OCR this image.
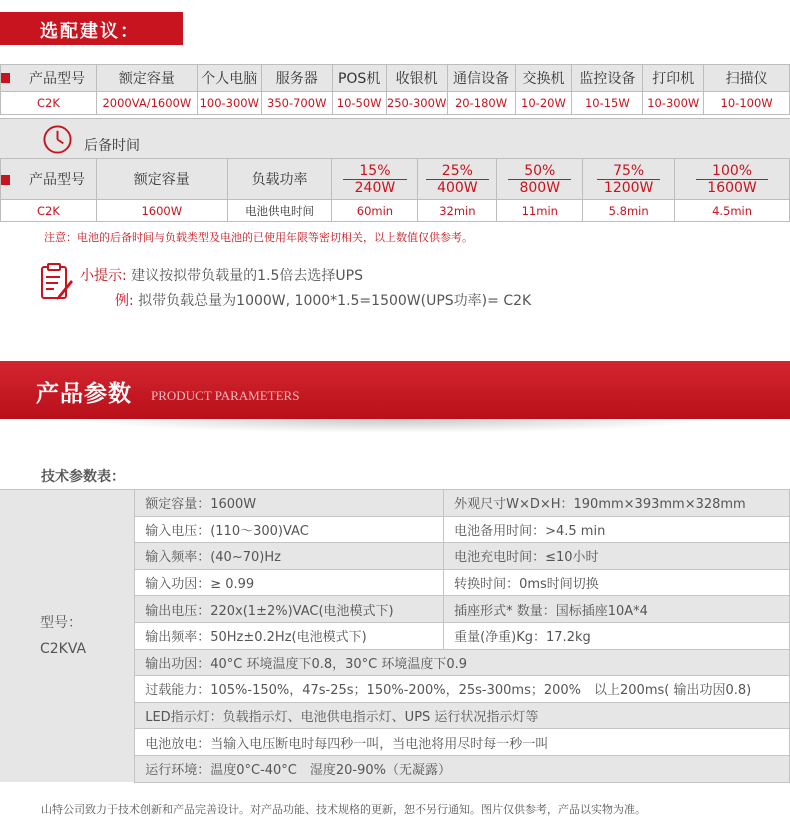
选配建议：
产品型号	额定容量	个人电脑	服务器	POS机	收银机	通信设备	交换机	监控设备	打印机	扫描仪
C2K	2000VA/1600W	100-300W	350-700W	10-50W	250-300W	20-180W	10-20W	10-15W	10-300W	10-100W
后备时间
产品型号	额定容量	负载功率	$\frac{15\%}{240W}$	$\frac{25\%}{400W}$	$\frac{50\%}{800W}$	$\frac{75\%}{1200W}$	$\frac{100\%}{1600W}$

C2K	1600W	电池供电时间	60min	32min	11min	5.8min	4.5min
注意：电池的后备时间与负载类型及电池的已使用年限等密切相关，以上数值仅供参考。
小提示: 建议按拟带负载量的1.5倍去选择UPS
例: 拟带负载总量为1000W, 1000*1.5=1500W(UPS功率)= C2K
产品参数 PRODUCT PARAMETERS
技术参数表：
型号：
C2KVA	额定容量：1600W	外观尺寸W×D×H：190mm×393mm×328mm
	输入电压：(110～300)VAC	电池备用时间：>4.5 min
	输入频率：(40~70)Hz	电池充电时间：≤10小时
	输入功因：≥ 0.99	转换时间：0ms时间切换
	输出电压：220x(1±2%)VAC(电池模式下)	插座形式* 数量：国标插座10A*4
	输出频率：50Hz±0.2Hz(电池模式下)	重量(净重)Kg：17.2kg
	输出功因：40°C 环境温度下0.8，30°C 环境温度下0.9	
	过载能力：105%-150%，47s-25s；150%-200%，25s-300ms；200%　以上200ms( 输出功因0.8)	
	LED指示灯：负载指示灯、电池供电指示灯、UPS 运行状况指示灯等	
	电池放电：当输入电压断电时每四秒一叫，当电池将用尽时每一秒一叫	
	运行环境：温度0°C-40°C　湿度20-90%（无凝露）	
山特公司致力于技术创新和产品完善设计。对产品功能、技术规格的更新，恕不另行通知。图片仅供参考，产品以实物为准。
